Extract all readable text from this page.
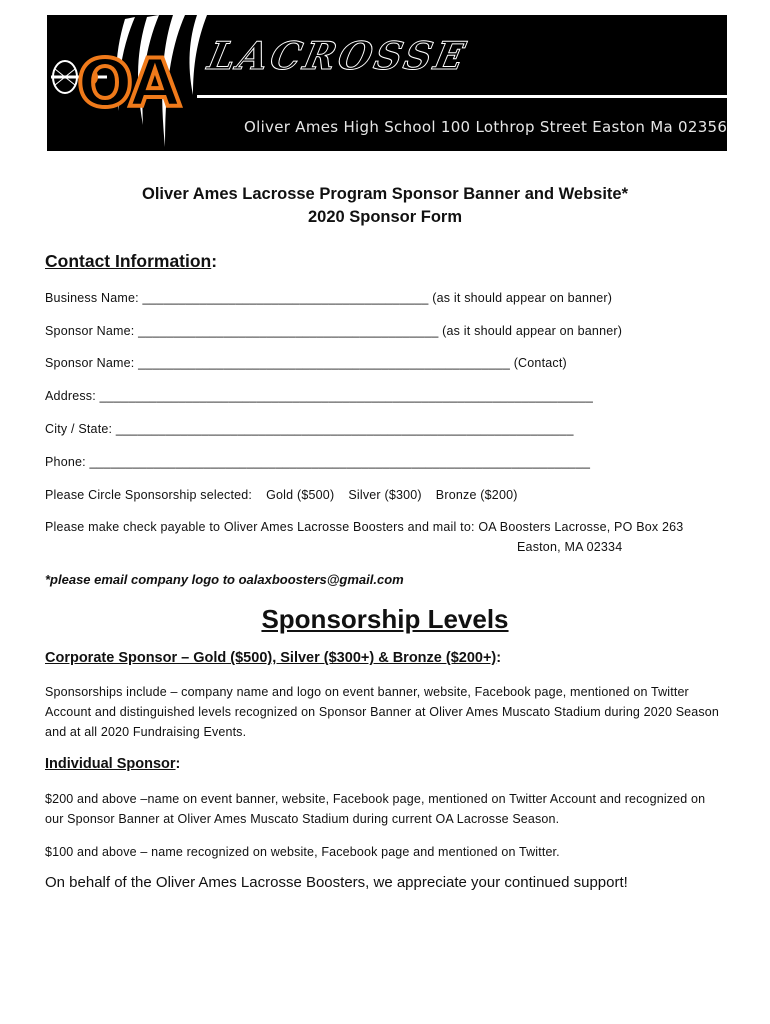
OA LACROSSE
Oliver Ames High School 100 Lothrop Street Easton Ma 02356
Oliver Ames Lacrosse Program Sponsor Banner and Website*
2020 Sponsor Form
Contact Information:
Business Name: ________________________________________ (as it should appear on banner)
Sponsor Name: __________________________________________ (as it should appear on banner)
Sponsor Name: ____________________________________________________ (Contact)
Address: _____________________________________________________________________
City / State: ________________________________________________________________
Phone: ______________________________________________________________________
Please Circle Sponsorship selected: Gold ($500) Silver ($300) Bronze ($200)
Please make check payable to Oliver Ames Lacrosse Boosters and mail to: OA Boosters Lacrosse, PO Box 263
Easton, MA 02334
*please email company logo to oalaxboosters@gmail.com
Sponsorship Levels
Corporate Sponsor – Gold ($500), Silver ($300+) & Bronze ($200+):
Sponsorships include – company name and logo on event banner, website, Facebook page, mentioned on Twitter Account and distinguished levels recognized on Sponsor Banner at Oliver Ames Muscato Stadium during 2020 Season and at all 2020 Fundraising Events.
Individual Sponsor:
$200 and above –name on event banner, website, Facebook page, mentioned on Twitter Account and recognized on our Sponsor Banner at Oliver Ames Muscato Stadium during current OA Lacrosse Season.
$100 and above – name recognized on website, Facebook page and mentioned on Twitter.
On behalf of the Oliver Ames Lacrosse Boosters, we appreciate your continued support!
